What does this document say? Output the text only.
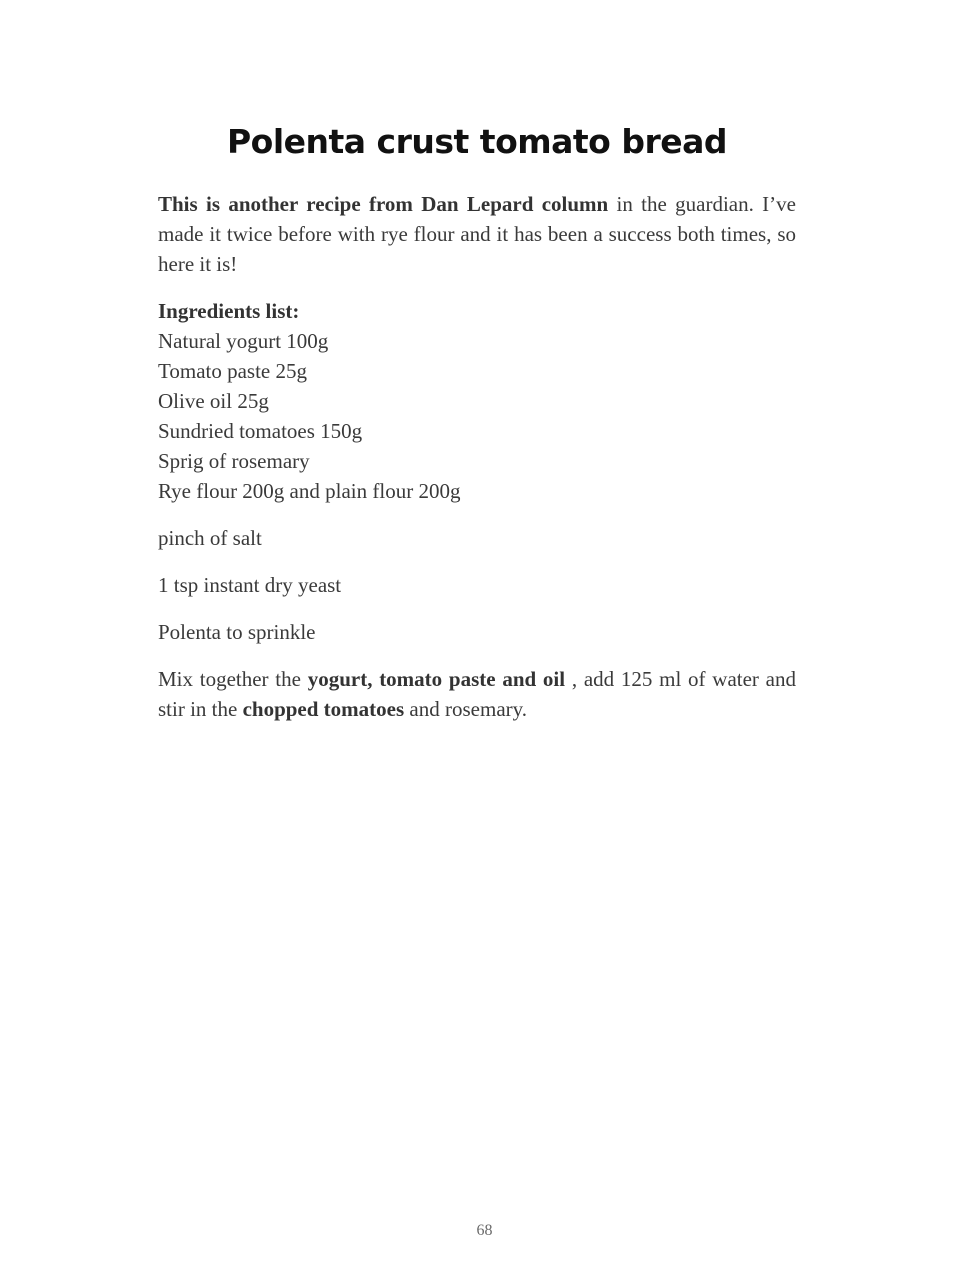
Polenta crust tomato bread

This is another recipe from Dan Lepard column in the guardian. I’ve made it twice before with rye flour and it has been a success both times, so here it is!

Ingredients list:
Natural yogurt 100g
Tomato paste 25g
Olive oil 25g
Sundried tomatoes 150g
Sprig of rosemary
Rye flour 200g and plain flour 200g

pinch of salt

1 tsp instant dry yeast

Polenta to sprinkle

Mix together the yogurt, tomato paste and oil , add 125 ml of water and stir in the chopped tomatoes and rosemary.

68
